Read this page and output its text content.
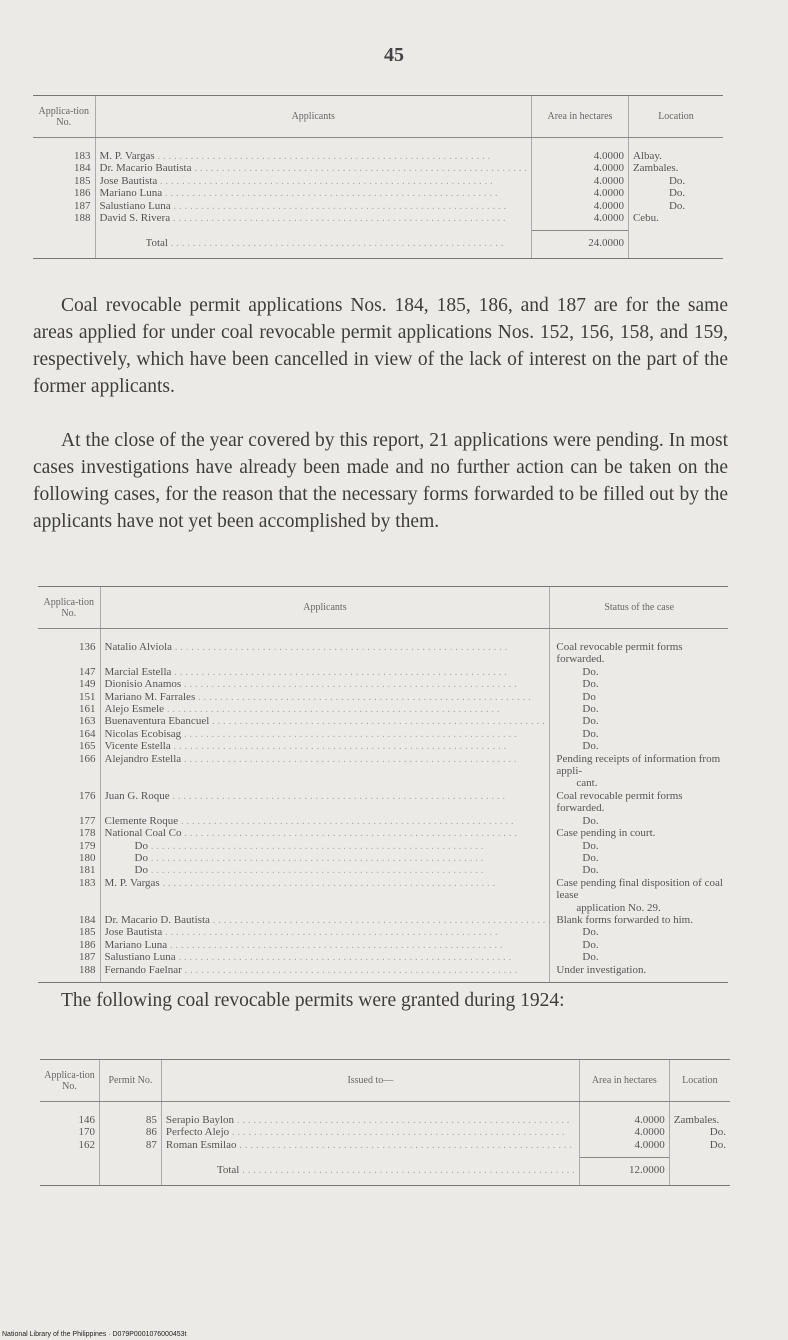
45
Applica-tion No.	Applicants	Area in hectares	Location
183	M. P. Vargas . . .	4.0000	Albay.
184	Dr. Macario Bautista . . .	4.0000	Zambales.
185	Jose Bautista . . .	4.0000	Do.
186	Mariano Luna . . .	4.0000	Do.
187	Salustiano Luna . . .	4.0000	Do.
188	David S. Rivera . . .	4.0000	Cebu.

	Total . . .	24.0000	

Coal revocable permit applications Nos. 184, 185, 186, and 187 are for the same areas applied for under coal revocable permit applications Nos. 152, 156, 158, and 159, respectively, which have been cancelled in view of the lack of interest on the part of the former applicants.

At the close of the year covered by this report, 21 applications were pending. In most cases investigations have already been made and no further action can be taken on the following cases, for the reason that the necessary forms forwarded to be filled out by the applicants have not yet been accomplished by them.

Applica-tion No.	Applicants	Status of the case
136	Natalio Alviola . . .	Coal revocable permit forms forwarded.
147	Marcial Estella . . .	Do.
149	Dionisio Anamos . . .	Do.
151	Mariano M. Farrales . . .	Do
161	Alejo Esmele . . .	Do.
163	Buenaventura Ebancuel . . .	Do.
164	Nicolas Ecobisag . . .	Do.
165	Vicente Estella . . .	Do.
166	Alejandro Estella . . .	Pending receipts of information from appli-
cant.

176	Juan G. Roque . . .	Coal revocable permit forms forwarded.
177	Clemente Roque . . .	Do.
178	National Coal Co . . .	Case pending in court.
179	Do . . .	Do.
180	Do . . .	Do.
181	Do . . .	Do.
183	M. P. Vargas . . .	Case pending final disposition of coal lease
application No. 29.

184	Dr. Macario D. Bautista . . .	Blank forms forwarded to him.
185	Jose Bautista . . .	Do.
186	Mariano Luna . . .	Do.
187	Salustiano Luna . . .	Do.
188	Fernando Faelnar . . .	Under investigation.

The following coal revocable permits were granted during 1924:

Applica-tion No.	Permit No.	Issued to—	Area in hectares	Location
146	85	Serapio Baylon . . .	4.0000	Zambales.
170	86	Perfecto Alejo . . .	4.0000	Do.
162	87	Roman Esmilao . . .	4.0000	Do.

		Total . . .	12.0000	
National Library of the Philippines · D079P0001076000453t
